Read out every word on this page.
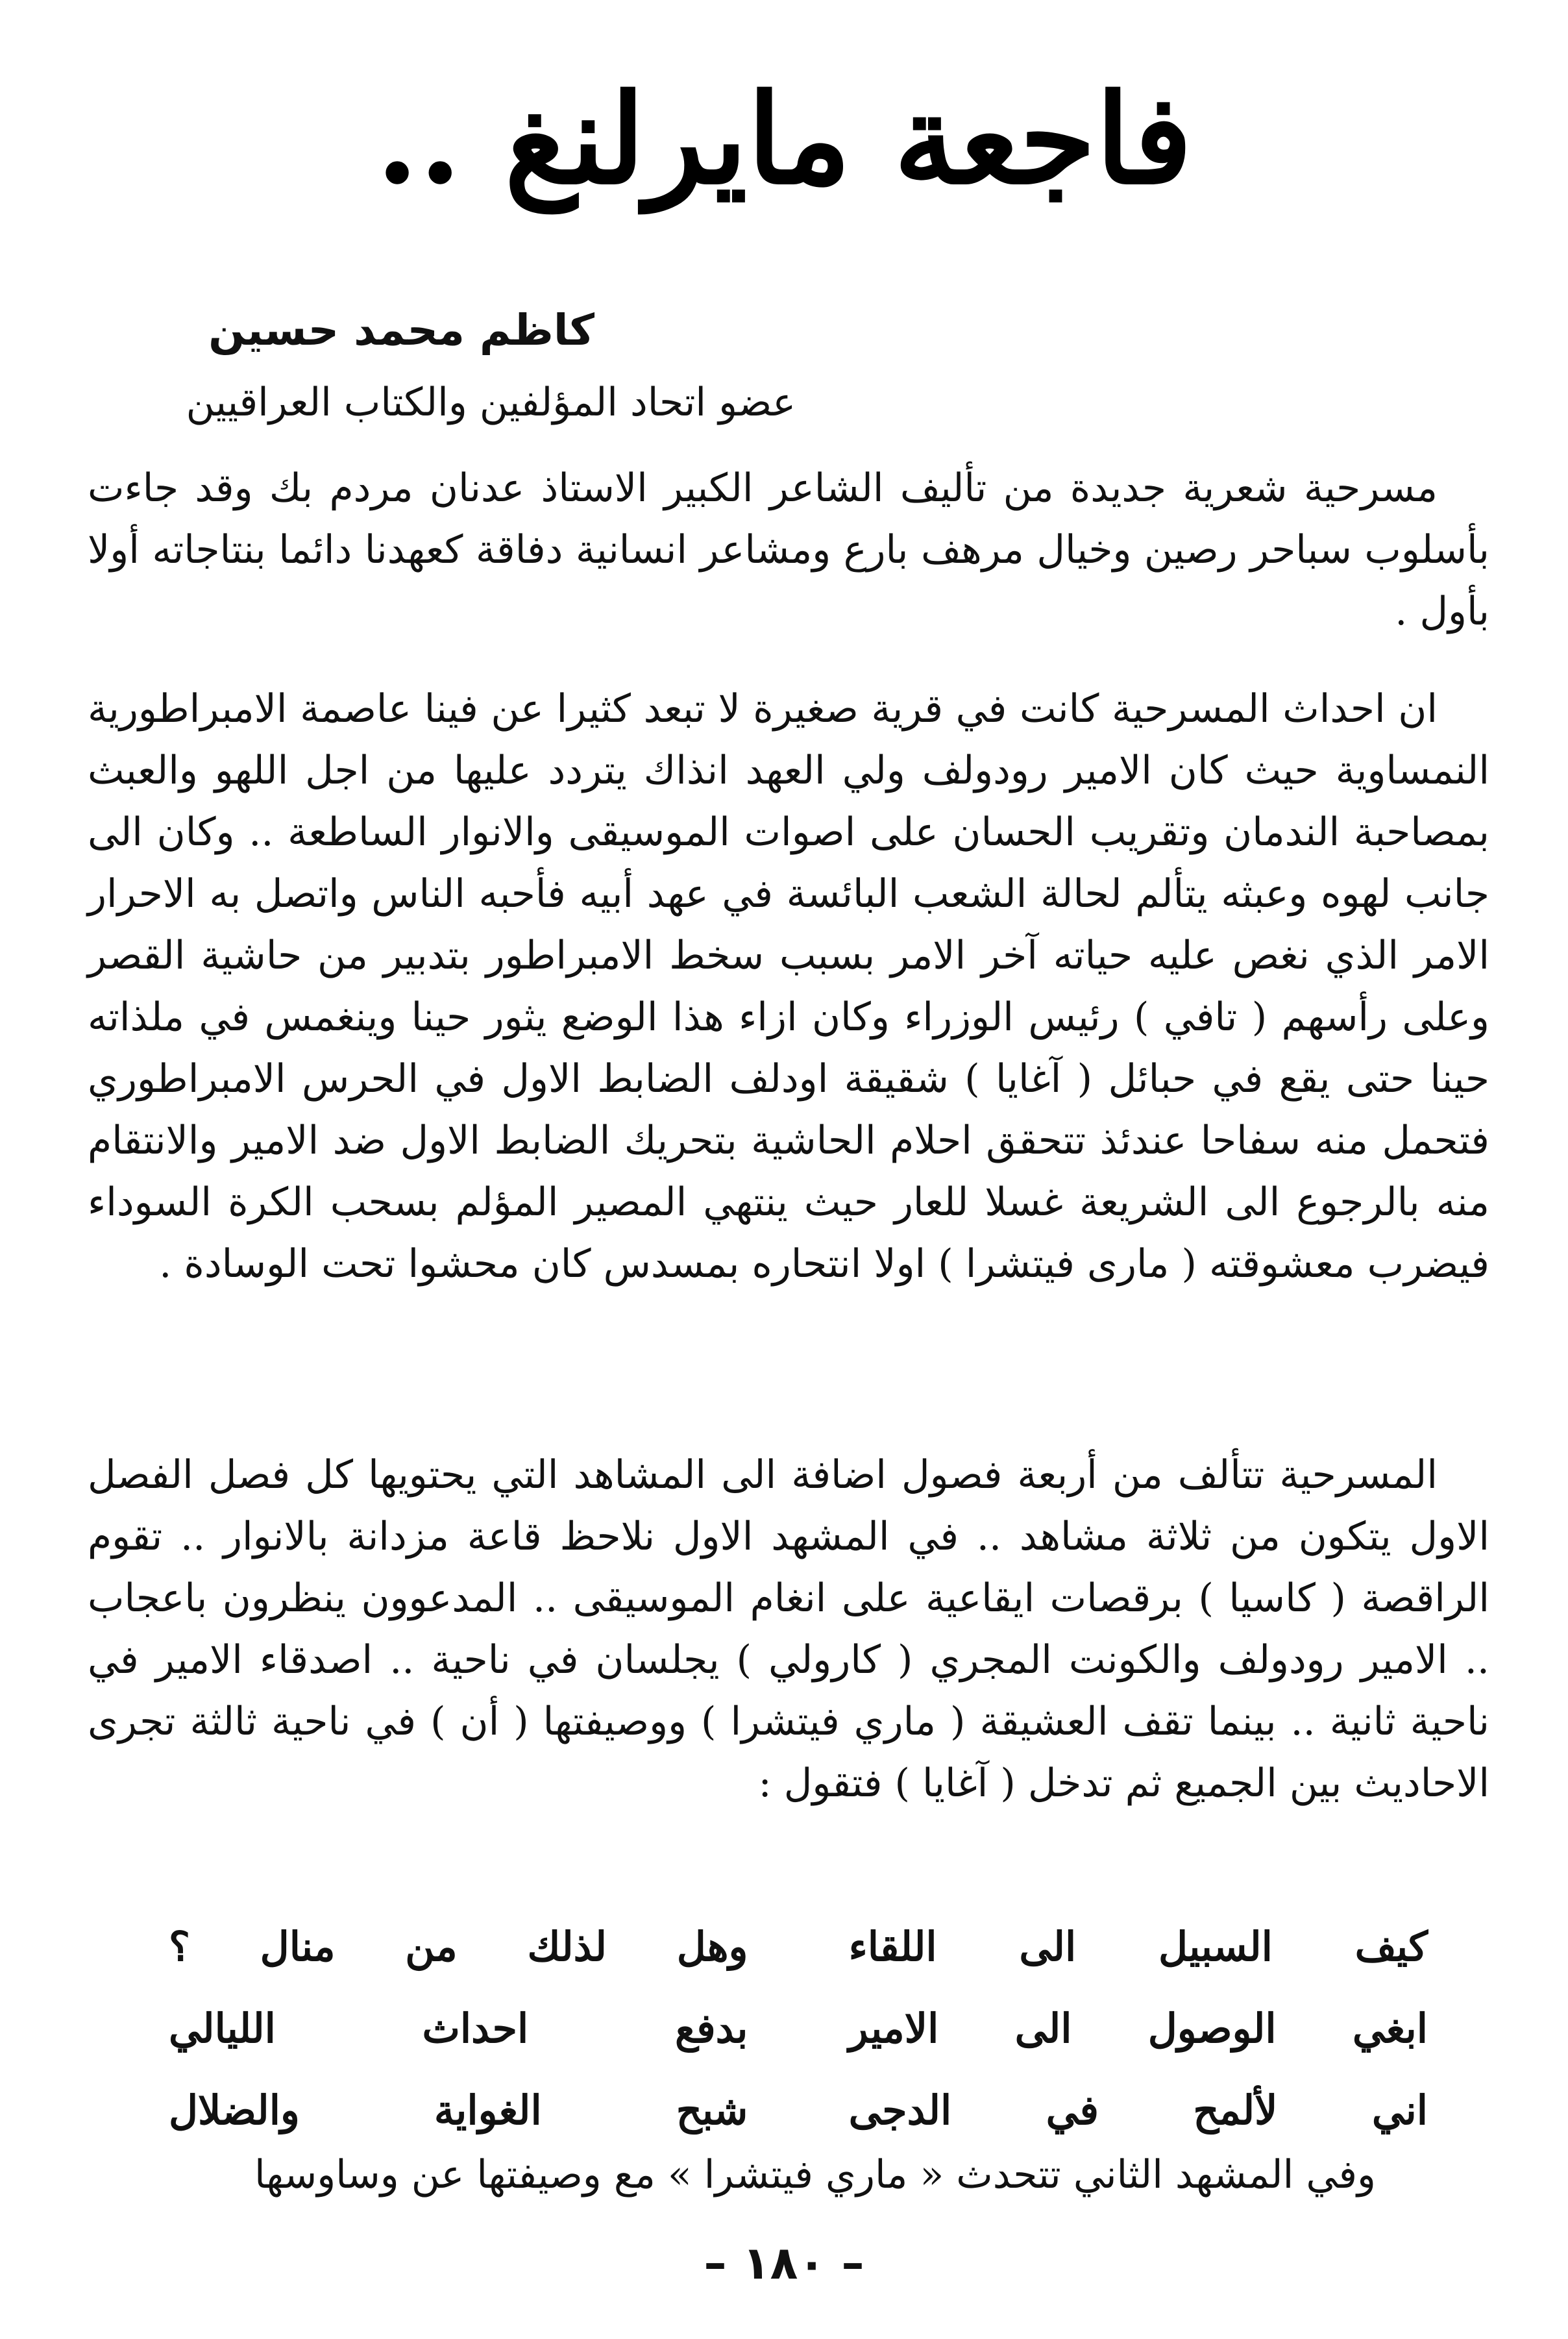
فاجعة مايرلنغ ..
كاظم محمد حسين
عضو اتحاد المؤلفين والكتاب العراقيين

مسرحية شعرية جديدة من تأليف الشاعر الكبير الاستاذ عدنان مردم بك وقد جاءت بأسلوب سباحر رصين وخيال مرهف بارع ومشاعر انسانية دفاقة كعهدنا دائما بنتاجاته أولا بأول .

ان احداث المسرحية كانت في قرية صغيرة لا تبعد كثيرا عن فينا عاصمة الامبراطورية النمساوية حيث كان الامير رودولف ولي العهد انذاك يتردد عليها من اجل اللهو والعبث بمصاحبة الندمان وتقريب الحسان على اصوات الموسيقى والانوار الساطعة .. وكان الى جانب لهوه وعبثه يتألم لحالة الشعب البائسة في عهد أبيه فأحبه الناس واتصل به الاحرار الامر الذي نغص عليه حياته آخر الامر بسبب سخط الامبراطور بتدبير من حاشية القصر وعلى رأسهم ( تافي ) رئيس الوزراء وكان ازاء هذا الوضع يثور حينا وينغمس في ملذاته حينا حتى يقع في حبائل ( آغايا ) شقيقة اودلف الضابط الاول في الحرس الامبراطوري فتحمل منه سفاحا عندئذ تتحقق احلام الحاشية بتحريك الضابط الاول ضد الامير والانتقام منه بالرجوع الى الشريعة غسلا للعار حيث ينتهي المصير المؤلم بسحب الكرة السوداء فيضرب معشوقته ( مارى فيتشرا ) اولا انتحاره بمسدس كان محشوا تحت الوسادة .

المسرحية تتألف من أربعة فصول اضافة الى المشاهد التي يحتويها كل فصل الفصل الاول يتكون من ثلاثة مشاهد .. في المشهد الاول نلاحظ قاعة مزدانة بالانوار .. تقوم الراقصة ( كاسيا ) برقصات ايقاعية على انغام الموسيقى .. المدعوون ينظرون باعجاب .. الامير رودولف والكونت المجري ( كارولي ) يجلسان في ناحية .. اصدقاء الامير في ناحية ثانية .. بينما تقف العشيقة ( ماري فيتشرا ) ووصيفتها ( أن ) في ناحية ثالثة تجرى الاحاديث بين الجميع ثم تدخل ( آغايا ) فتقول :

كيف السبيل الى اللقاء
وهل لذلك من منال ؟
ابغي الوصول الى الامير
بدفع احداث الليالي
اني لألمح في الدجى
شبح الغواية والضلال
وفي المشهد الثاني تتحدث « ماري فيتشرا » مع وصيفتها عن وساوسها
– ١٨٠ –
